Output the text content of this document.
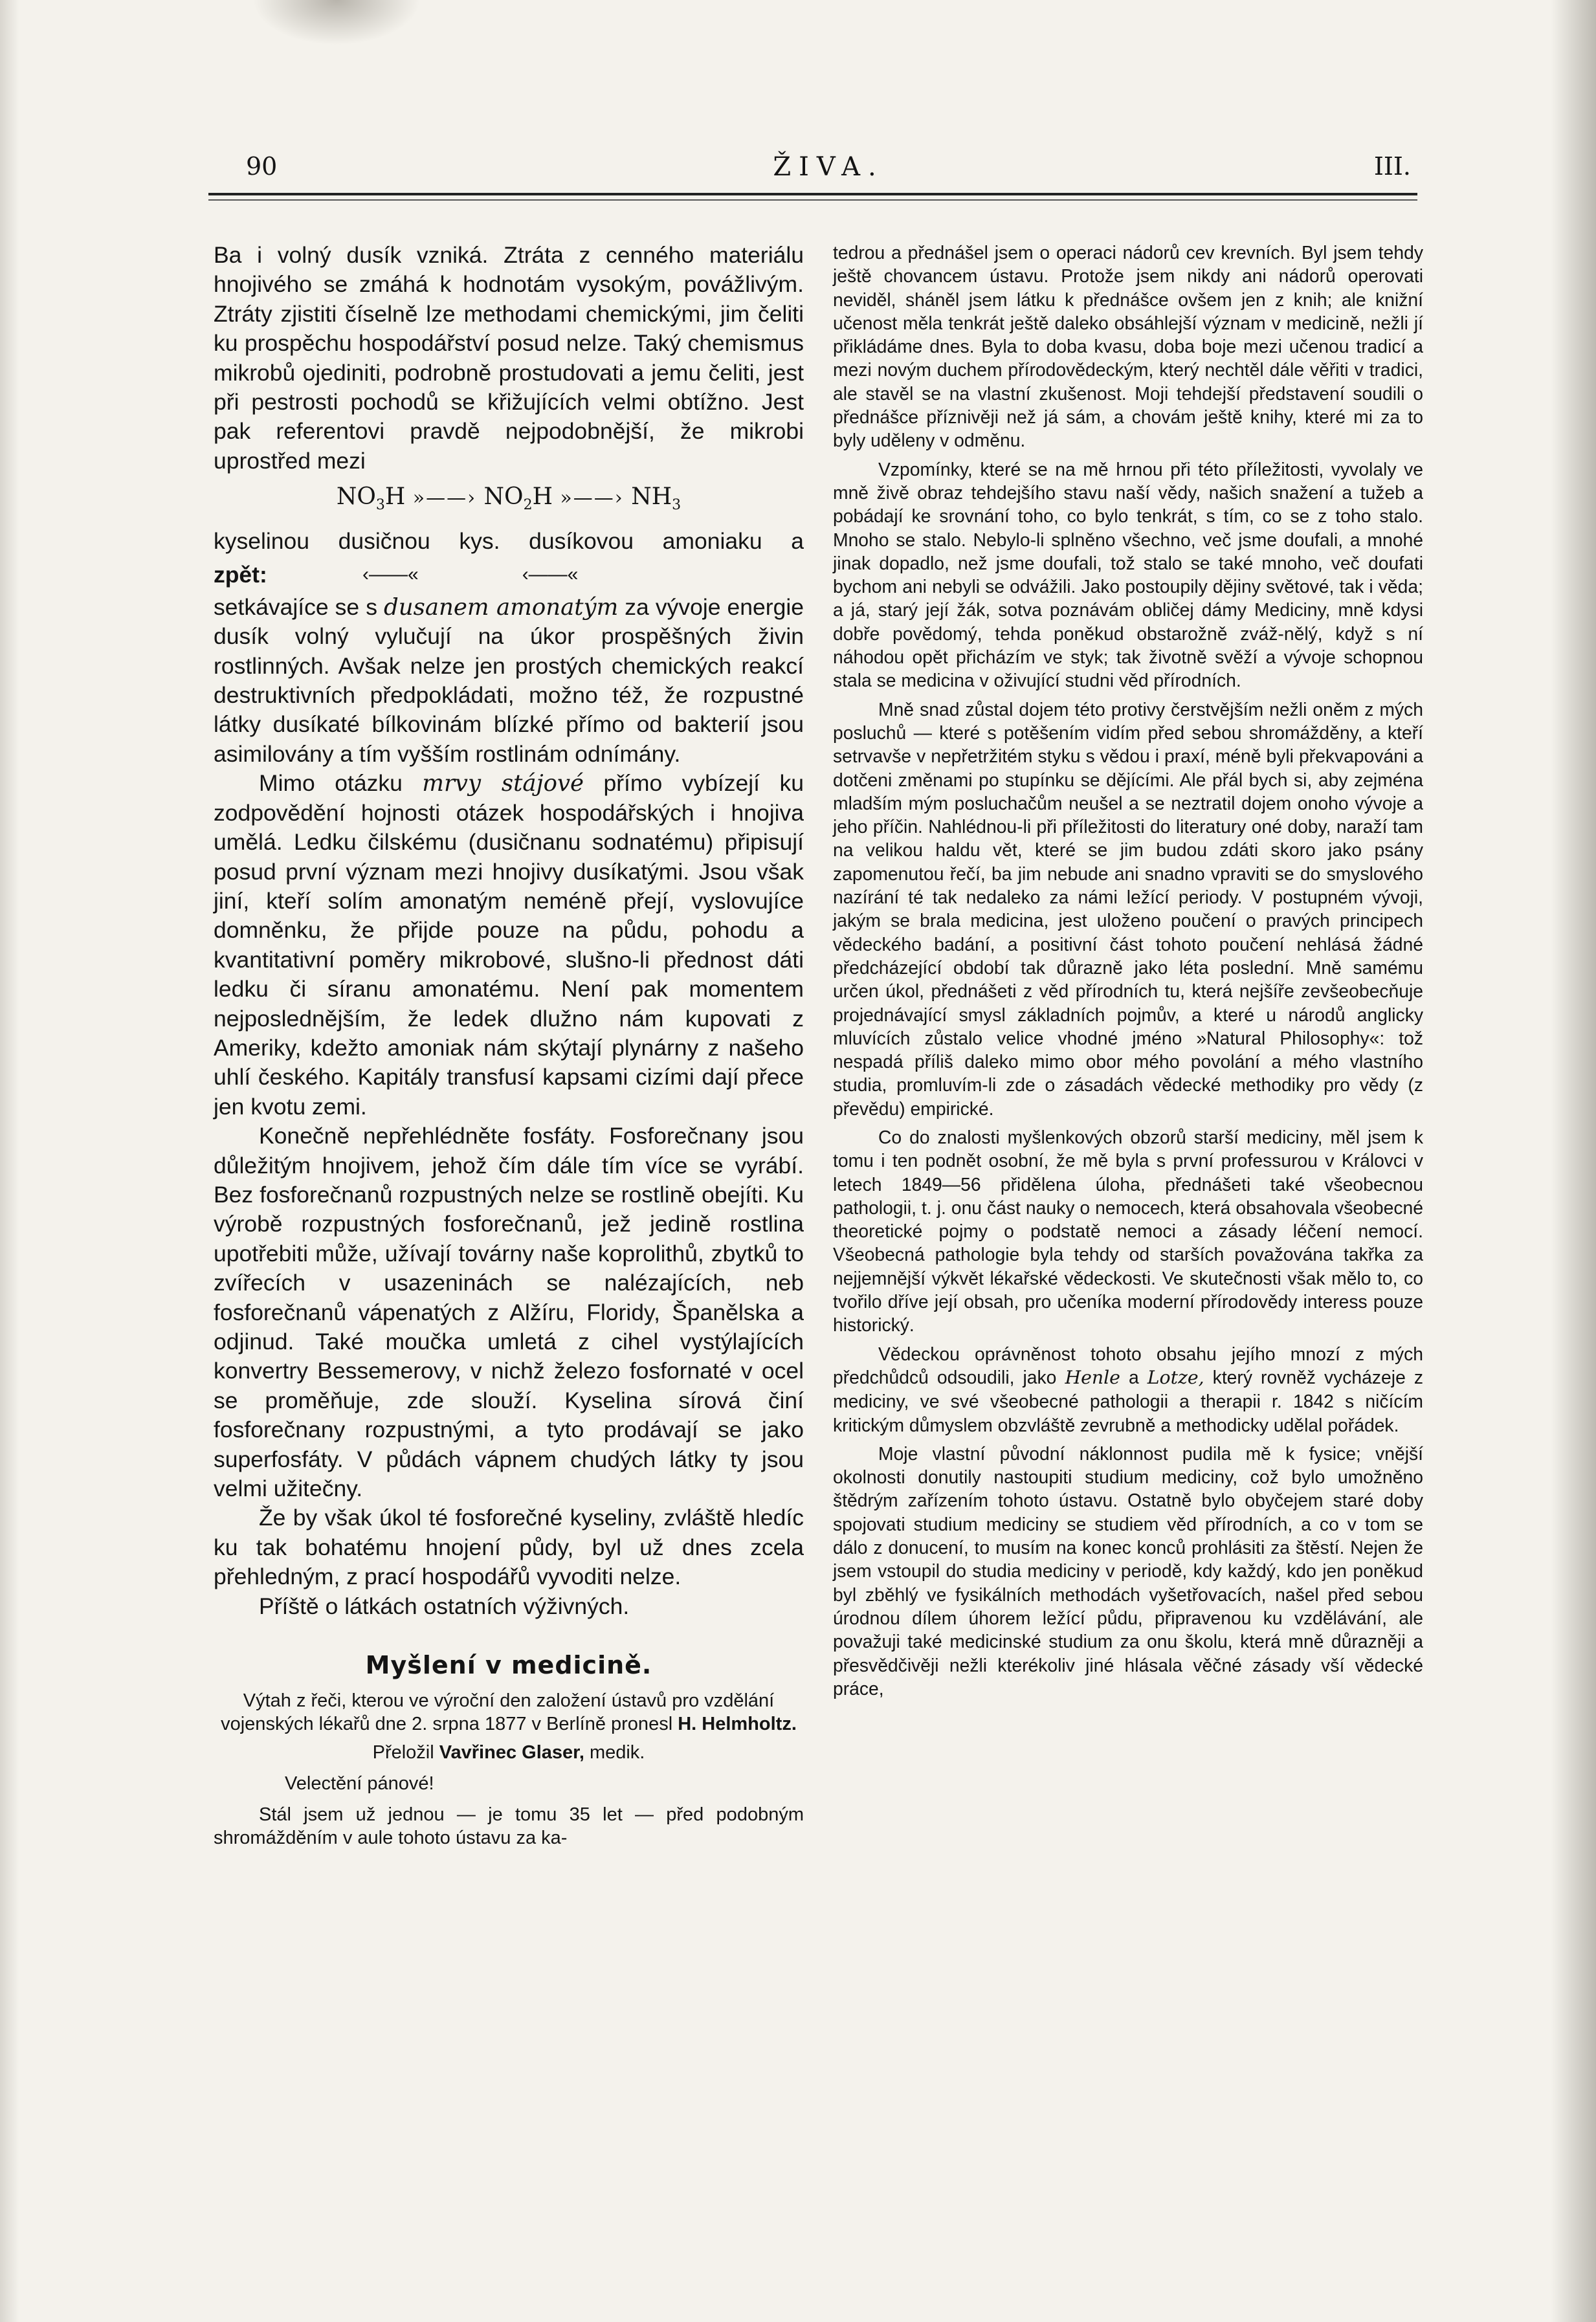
90	ŽIVA.	III.

Ba i volný dusík vzniká. Ztráta z cenného materiálu hnojivého se zmáhá k hodnotám vysokým, povážlivým. Ztráty zjistiti číselně lze methodami chemickými, jim čeliti ku prospěchu hospodářství posud nelze. Taký chemismus mikrobů ojediniti, podrobně prostudovati a jemu čeliti, jest při pestrosti pochodů se křižujících velmi obtížno. Jest pak referentovi pravdě nejpodobnější, že mikrobi uprostřed mezi

$NO_3H$ »——› $NO_2H$ »——› $NH_3$

kyselinou dusičnou kys. dusíkovou amoniaku a

zpět:	‹——«	‹——«

setkávajíce se s dusanem amonatým za vývoje energie dusík volný vylučují na úkor prospěšných živin rostlinných. Avšak nelze jen prostých chemických reakcí destruktivních předpokládati, možno též, že rozpustné látky dusíkaté bílkovinám blízké přímo od bakterií jsou asimilovány a tím vyšším rostlinám odnímány.

Mimo otázku mrvy stájové přímo vybízejí ku zodpovědění hojnosti otázek hospodářských i hnojiva umělá. Ledku čilskému (dusičnanu sodnatému) připisují posud první význam mezi hnojivy dusíkatými. Jsou však jiní, kteří solím amonatým neméně přejí, vyslovujíce domněnku, že přijde pouze na půdu, pohodu a kvantitativní poměry mikrobové, slušno-li přednost dáti ledku či síranu amonatému. Není pak momentem nejposlednějším, že ledek dlužno nám kupovati z Ameriky, kdežto amoniak nám skýtají plynárny z našeho uhlí českého. Kapitály transfusí kapsami cizími dají přece jen kvotu zemi.

Konečně nepřehlédněte fosfáty. Fosforečnany jsou důležitým hnojivem, jehož čím dále tím více se vyrábí. Bez fosforečnanů rozpustných nelze se rostlině obejíti. Ku výrobě rozpustných fosforečnanů, jež jedině rostlina upotřebiti může, užívají továrny naše koprolithů, zbytků to zvířecích v usazeninách se nalézajících, neb fosforečnanů vápenatých z Alžíru, Floridy, Španělska a odjinud. Také moučka umletá z cihel vystýlajících konvertry Bessemerovy, v nichž železo fosfornaté v ocel se proměňuje, zde slouží. Kyselina sírová činí fosforečnany rozpustnými, a tyto prodávají se jako superfosfáty. V půdách vápnem chudých látky ty jsou velmi užitečny.

Že by však úkol té fosforečné kyseliny, zvláště hledíc ku tak bohatému hnojení půdy, byl už dnes zcela přehledným, z prací hospodářů vyvoditi nelze.

Příště o látkách ostatních výživných.

Myšlení v medicině.

Výtah z řeči, kterou ve výroční den založení ústavů pro vzdělání vojenských lékařů dne 2. srpna 1877 v Berlíně pronesl H. Helmholtz.

Přeložil Vavřinec Glaser, medik.

Velectění pánové!

Stál jsem už jednou — je tomu 35 let — před podobným shromážděním v aule tohoto ústavu za ka-

tedrou a přednášel jsem o operaci nádorů cev krevních. Byl jsem tehdy ještě chovancem ústavu. Protože jsem nikdy ani nádorů operovati neviděl, sháněl jsem látku k přednášce ovšem jen z knih; ale knižní učenost měla tenkrát ještě daleko obsáhlejší význam v medicině, nežli jí přikládáme dnes. Byla to doba kvasu, doba boje mezi učenou tradicí a mezi novým duchem přírodovědeckým, který nechtěl dále věřiti v tradici, ale stavěl se na vlastní zkušenost. Moji tehdejší představení soudili o přednášce příznivěji než já sám, a chovám ještě knihy, které mi za to byly uděleny v odměnu.

Vzpomínky, které se na mě hrnou při této příležitosti, vyvolaly ve mně živě obraz tehdejšího stavu naší vědy, našich snažení a tužeb a pobádají ke srovnání toho, co bylo tenkrát, s tím, co se z toho stalo. Mnoho se stalo. Nebylo-li splněno všechno, več jsme doufali, a mnohé jinak dopadlo, než jsme doufali, tož stalo se také mnoho, več doufati bychom ani nebyli se odvážili. Jako postoupily dějiny světové, tak i věda; a já, starý její žák, sotva poznávám obličej dámy Mediciny, mně kdysi dobře povědomý, tehda poněkud obstarožně zváž-nělý, když s ní náhodou opět přicházím ve styk; tak životně svěží a vývoje schopnou stala se medicina v oživující studni věd přírodních.

Mně snad zůstal dojem této protivy čerstvějším nežli oněm z mých posluchů — které s potěšením vidím před sebou shromážděny, a kteří setrvavše v nepřetržitém styku s vědou i praxí, méně byli překvapováni a dotčeni změnami po stupínku se dějícími. Ale přál bych si, aby zejména mladším mým posluchačům neušel a se neztratil dojem onoho vývoje a jeho příčin. Nahlédnou-li při příležitosti do literatury oné doby, naraží tam na velikou haldu vět, které se jim budou zdáti skoro jako psány zapomenutou řečí, ba jim nebude ani snadno vpraviti se do smyslového nazírání té tak nedaleko za námi ležící periody. V postupném vývoji, jakým se brala medicina, jest uloženo poučení o pravých principech vědeckého badání, a positivní část tohoto poučení nehlásá žádné předcházející období tak důrazně jako léta poslední. Mně samému určen úkol, přednášeti z věd přírodních tu, která nejšíře zevšeobecňuje projednávající smysl základních pojmův, a které u národů anglicky mluvících zůstalo velice vhodné jméno »Natural Philosophy«: tož nespadá příliš daleko mimo obor mého povolání a mého vlastního studia, promluvím-li zde o zásadách vědecké methodiky pro vědy (z převědu) empirické.

Co do znalosti myšlenkových obzorů starší mediciny, měl jsem k tomu i ten podnět osobní, že mě byla s první professurou v Královci v letech 1849—56 přidělena úloha, přednášeti také všeobecnou pathologii, t. j. onu část nauky o nemocech, která obsahovala všeobecné theoretické pojmy o podstatě nemoci a zásady léčení nemocí. Všeobecná pathologie byla tehdy od starších považována takřka za nejjemnější výkvět lékařské vědeckosti. Ve skutečnosti však mělo to, co tvořilo dříve její obsah, pro učeníka moderní přírodovědy interess pouze historický.

Vědeckou oprávněnost tohoto obsahu jejího mnozí z mých předchůdců odsoudili, jako Henle a Lotze, který rovněž vycházeje z mediciny, ve své všeobecné pathologii a therapii r. 1842 s ničícím kritickým důmyslem obzvláště zevrubně a methodicky udělal pořádek.

Moje vlastní původní náklonnost pudila mě k fysice; vnější okolnosti donutily nastoupiti studium mediciny, což bylo umožněno štědrým zařízením tohoto ústavu. Ostatně bylo obyčejem staré doby spojovati studium mediciny se studiem věd přírodních, a co v tom se dálo z donucení, to musím na konec konců prohlásiti za štěstí. Nejen že jsem vstoupil do studia mediciny v periodě, kdy každý, kdo jen poněkud byl zběhlý ve fysikálních methodách vyšetřovacích, našel před sebou úrodnou dílem úhorem ležící půdu, připravenou ku vzdělávání, ale považuji také medicinské studium za onu školu, která mně důrazněji a přesvědčivěji nežli kterékoliv jiné hlásala věčné zásady vší vědecké práce,
